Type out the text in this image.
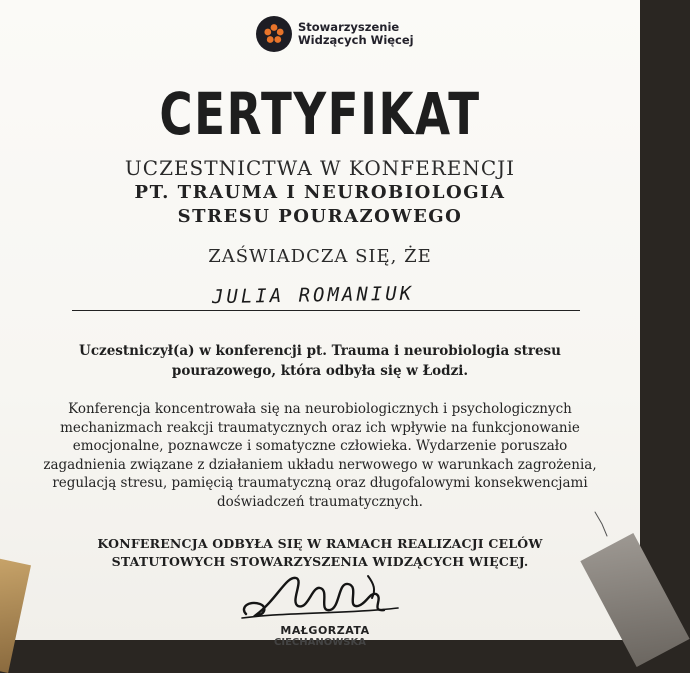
Stowarzyszenie
Widzących Więcej
CERTYFIKAT
UCZESTNICTWA W KONFERENCJI
PT. TRAUMA I NEUROBIOLOGIA
STRESU POURAZOWEGO
ZAŚWIADCZA SIĘ, ŻE
JULIA ROMANIUK
Uczestniczył(a) w konferencji pt. Trauma i neurobiologia stresu pourazowego, która odbyła się w Łodzi.
Konferencja koncentrowała się na neurobiologicznych i psychologicznych mechanizmach reakcji traumatycznych oraz ich wpływie na funkcjonowanie emocjonalne, poznawcze i somatyczne człowieka. Wydarzenie poruszało zagadnienia związane z działaniem układu nerwowego w warunkach zagrożenia, regulacją stresu, pamięcią traumatyczną oraz długofalowymi konsekwencjami doświadczeń traumatycznych.
KONFERENCJA ODBYŁA SIĘ W RAMACH REALIZACJI CELÓW STATUTOWYCH STOWARZYSZENIA WIDZĄCYCH WIĘCEJ.
MAŁGORZATA
CIECHANOWSKA
